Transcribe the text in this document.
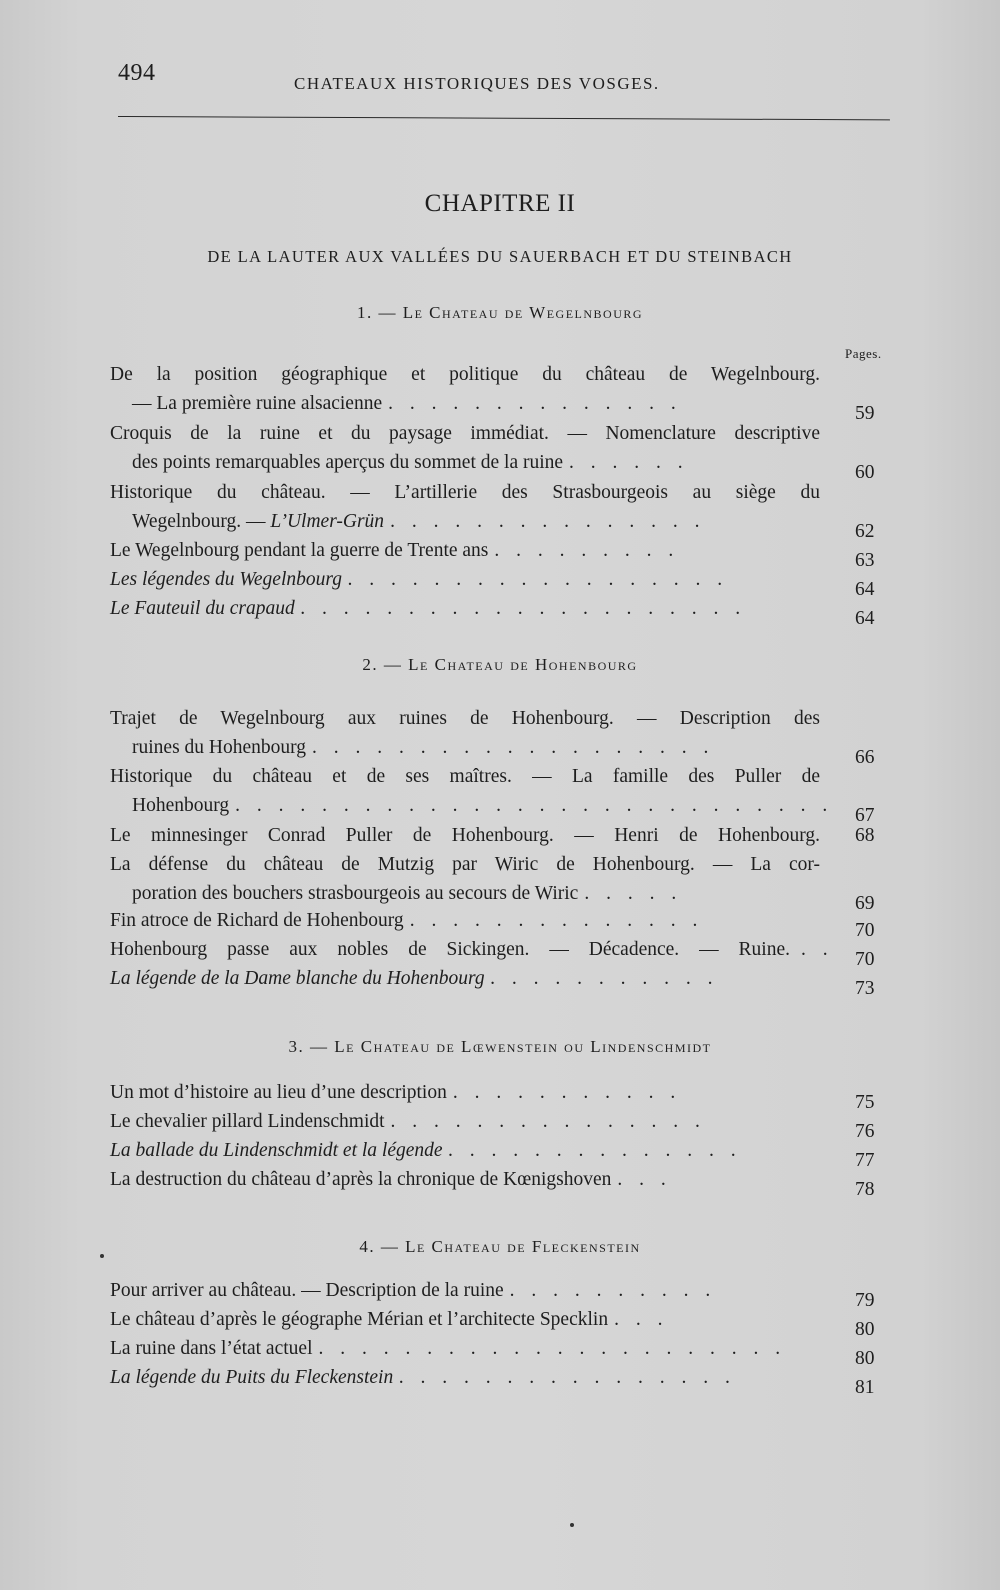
494	CHATEAUX HISTORIQUES DES VOSGES.
CHAPITRE II
DE LA LAUTER AUX VALLÉES DU SAUERBACH ET DU STEINBACH
Pages.
1. — Le Chateau de Wegelnbourg
2. — Le Chateau de Hohenbourg
3. — Le Chateau de Lœwenstein ou Lindenschmidt
4. — Le Chateau de Fleckenstein
De la position géographique et politique du château de Wegelnbourg.
— La première ruine alsacienne . . . . . . . . . . . . . .	59
Croquis de la ruine et du paysage immédiat. — Nomenclature descriptive
des points remarquables aperçus du sommet de la ruine . . . . . .	60
Historique du château. — L’artillerie des Strasbourgeois au siège du
Wegelnbourg. — L’Ulmer-Grün . . . . . . . . . . . . . . .	62
Le Wegelnbourg pendant la guerre de Trente ans . . . . . . . . .	63
Les légendes du Wegelnbourg . . . . . . . . . . . . . . . . . .	64
Le Fauteuil du crapaud . . . . . . . . . . . . . . . . . . . . .	64
Trajet de Wegelnbourg aux ruines de Hohenbourg. — Description des
ruines du Hohenbourg . . . . . . . . . . . . . . . . . . .	66
Historique du château et de ses maîtres. — La famille des Puller de
Hohenbourg . . . . . . . . . . . . . . . . . . . . . . . . . . . . 67
Le minnesinger Conrad Puller de Hohenbourg. — Henri de Hohenbourg. 68
La défense du château de Mutzig par Wiric de Hohenbourg. — La cor-
poration des bouchers strasbourgeois au secours de Wiric . . . . .	69
Fin atroce de Richard de Hohenbourg . . . . . . . . . . . . . .	70
Hohenbourg passe aux nobles de Sickingen. — Décadence. — Ruine. . . 70
La légende de la Dame blanche du Hohenbourg . . . . . . . . . . .	73
Un mot d’histoire au lieu d’une description . . . . . . . . . . .	75
Le chevalier pillard Lindenschmidt . . . . . . . . . . . . . . .	76
La ballade du Lindenschmidt et la légende . . . . . . . . . . . . . .	77
La destruction du château d’après la chronique de Kœnigshoven . . .	78
Pour arriver au château. — Description de la ruine . . . . . . . . . .	79
Le château d’après le géographe Mérian et l’architecte Specklin . . .	80
La ruine dans l’état actuel . . . . . . . . . . . . . . . . . . . . . .	80
La légende du Puits du Fleckenstein . . . . . . . . . . . . . . . .	81
